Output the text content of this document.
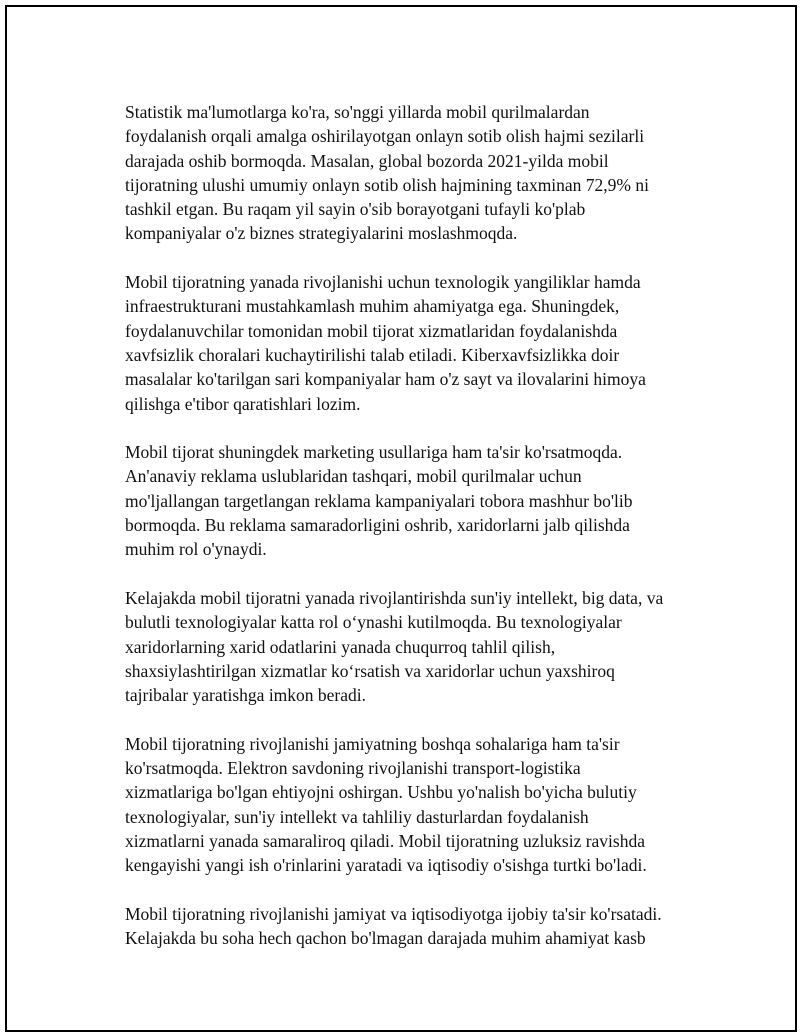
Statistik ma'lumotlarga ko'ra, so'nggi yillarda mobil qurilmalardan
foydalanish orqali amalga oshirilayotgan onlayn sotib olish hajmi sezilarli
darajada oshib bormoqda. Masalan, global bozorda 2021-yilda mobil
tijoratning ulushi umumiy onlayn sotib olish hajmining taxminan 72,9% ni
tashkil etgan. Bu raqam yil sayin o'sib borayotgani tufayli ko'plab
kompaniyalar o'z biznes strategiyalarini moslashmoqda.

Mobil tijoratning yanada rivojlanishi uchun texnologik yangiliklar hamda
infraestrukturani mustahkamlash muhim ahamiyatga ega. Shuningdek,
foydalanuvchilar tomonidan mobil tijorat xizmatlaridan foydalanishda
xavfsizlik choralari kuchaytirilishi talab etiladi. Kiberxavfsizlikka doir
masalalar ko'tarilgan sari kompaniyalar ham o'z sayt va ilovalarini himoya
qilishga e'tibor qaratishlari lozim.

Mobil tijorat shuningdek marketing usullariga ham ta'sir ko'rsatmoqda.
An'anaviy reklama uslublaridan tashqari, mobil qurilmalar uchun
mo'ljallangan targetlangan reklama kampaniyalari tobora mashhur bo'lib
bormoqda. Bu reklama samaradorligini oshrib, xaridorlarni jalb qilishda
muhim rol o'ynaydi.

Kelajakda mobil tijoratni yanada rivojlantirishda sun'iy intellekt, big data, va
bulutli texnologiyalar katta rol o‘ynashi kutilmoqda. Bu texnologiyalar
xaridorlarning xarid odatlarini yanada chuqurroq tahlil qilish,
shaxsiylashtirilgan xizmatlar ko‘rsatish va xaridorlar uchun yaxshiroq
tajribalar yaratishga imkon beradi.

Mobil tijoratning rivojlanishi jamiyatning boshqa sohalariga ham ta'sir
ko'rsatmoqda. Elektron savdoning rivojlanishi transport-logistika
xizmatlariga bo'lgan ehtiyojni oshirgan. Ushbu yo'nalish bo'yicha bulutiy
texnologiyalar, sun'iy intellekt va tahliliy dasturlardan foydalanish
xizmatlarni yanada samaraliroq qiladi. Mobil tijoratning uzluksiz ravishda
kengayishi yangi ish o'rinlarini yaratadi va iqtisodiy o'sishga turtki bo'ladi.

Mobil tijoratning rivojlanishi jamiyat va iqtisodiyotga ijobiy ta'sir ko'rsatadi.
Kelajakda bu soha hech qachon bo'lmagan darajada muhim ahamiyat kasb
